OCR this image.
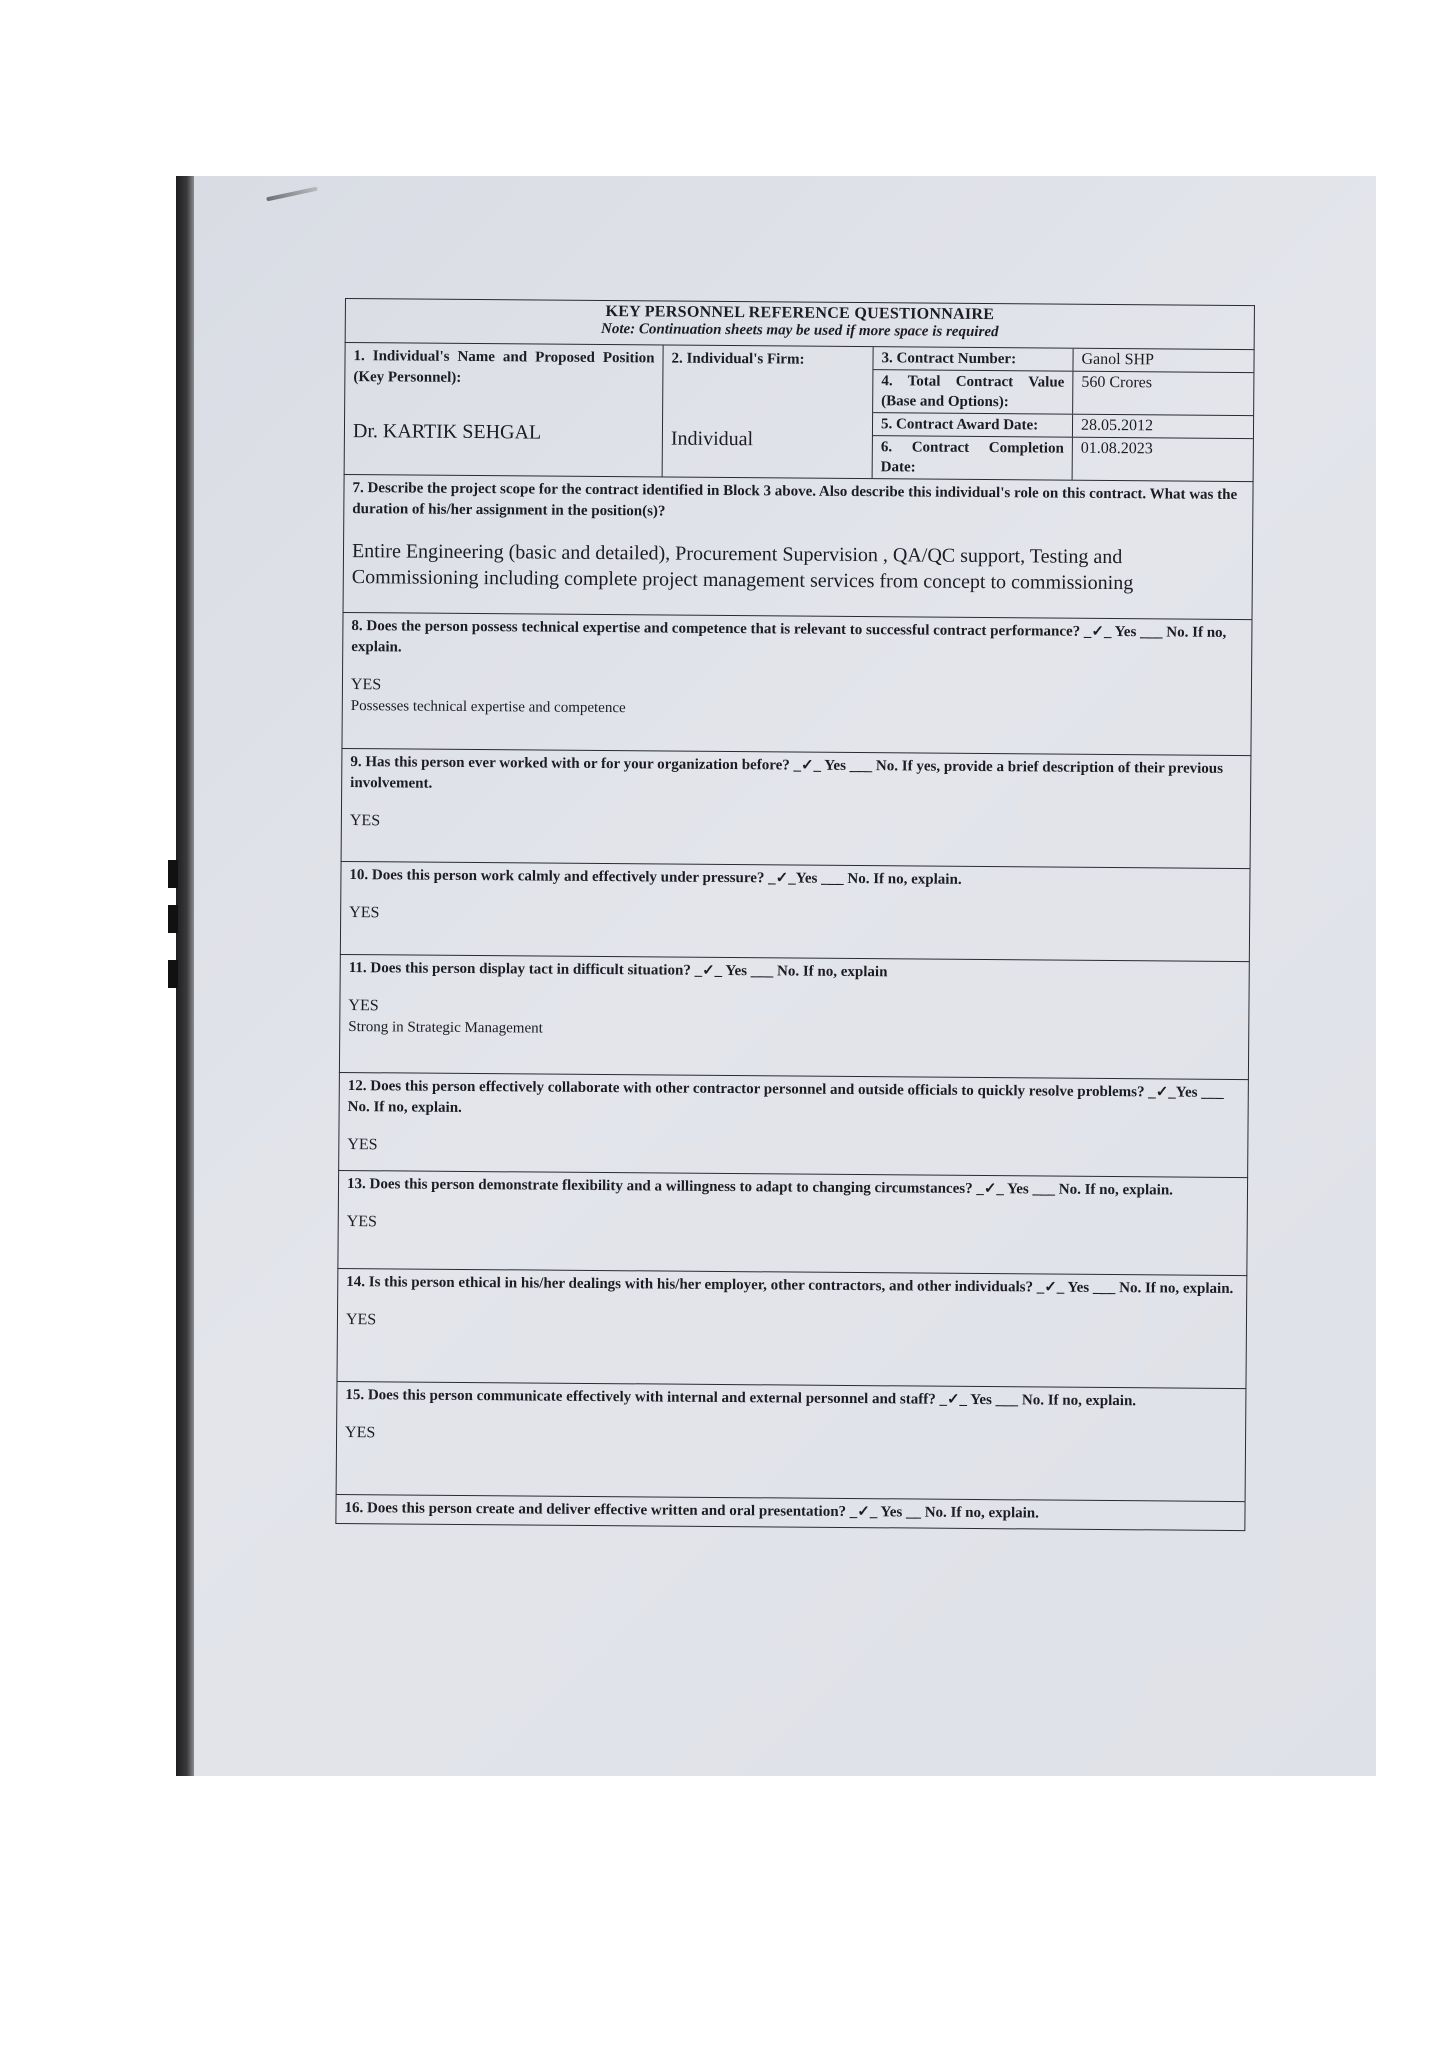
KEY PERSONNEL REFERENCE QUESTIONNAIRE
Note: Continuation sheets may be used if more space is required
1. Individual's Name and Proposed Position (Key Personnel):
Dr. KARTIK SEHGAL
2. Individual's Firm:
Individual
3. Contract Number:	Ganol SHP
4. Total Contract Value (Base and Options):
560 Crores
5. Contract Award Date:	28.05.2012
6. Contract Completion Date:
01.08.2023
7. Describe the project scope for the contract identified in Block 3 above. Also describe this individual's role on this contract. What was the duration of his/her assignment in the position(s)?
Entire Engineering (basic and detailed), Procurement Supervision , QA/QC support, Testing and Commissioning including complete project management services from concept to commissioning
8. Does the person possess technical expertise and competence that is relevant to successful contract performance? _✓_ Yes ___ No. If no, explain.
YES
Possesses technical expertise and competence
9. Has this person ever worked with or for your organization before? _✓_ Yes ___ No. If yes, provide a brief description of their previous involvement.
YES
10. Does this person work calmly and effectively under pressure? _✓_Yes ___ No. If no, explain.
YES
11. Does this person display tact in difficult situation? _✓_ Yes ___ No. If no, explain
YES
Strong in Strategic Management
12. Does this person effectively collaborate with other contractor personnel and outside officials to quickly resolve problems? _✓_Yes ___ No. If no, explain.
YES
13. Does this person demonstrate flexibility and a willingness to adapt to changing circumstances? _✓_ Yes ___ No. If no, explain.
YES
14. Is this person ethical in his/her dealings with his/her employer, other contractors, and other individuals? _✓_ Yes ___ No. If no, explain.
YES
15. Does this person communicate effectively with internal and external personnel and staff? _✓_ Yes ___ No. If no, explain.
YES
16. Does this person create and deliver effective written and oral presentation? _✓_ Yes __ No. If no, explain.
